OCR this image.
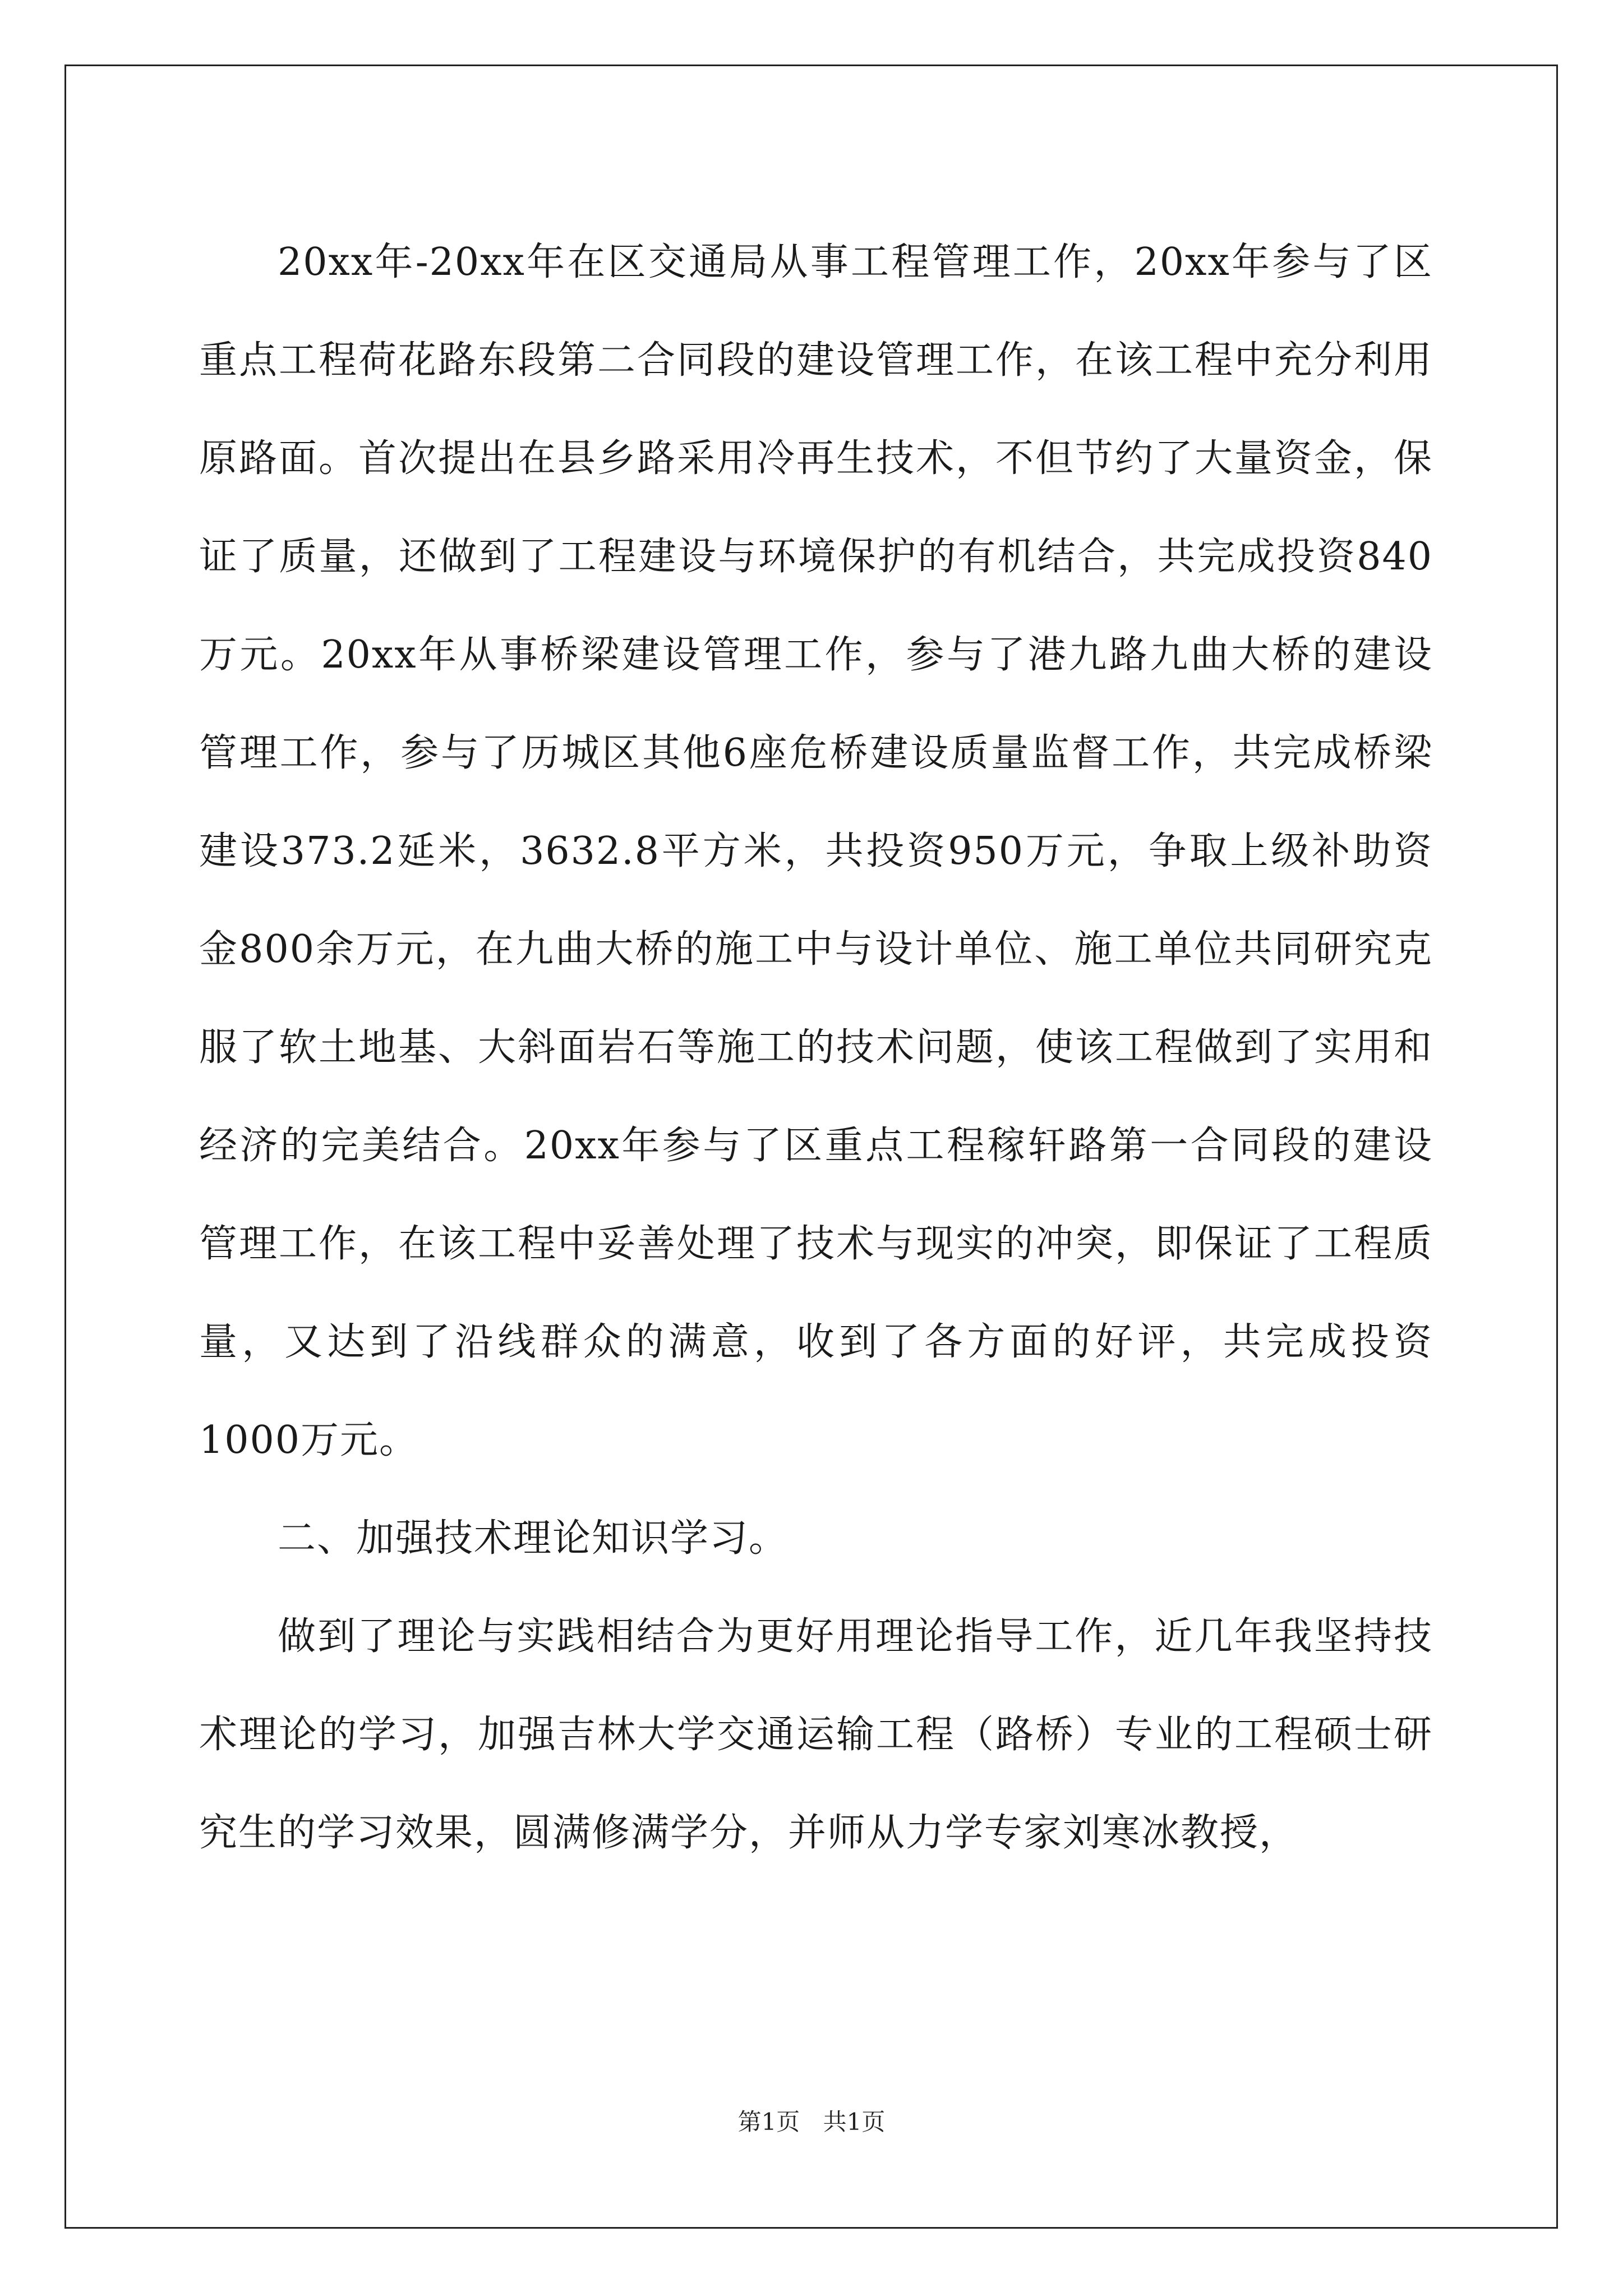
20xx年-20xx年在区交通局从事工程管理工作，20xx年参与了区重点工程荷花路东段第二合同段的建设管理工作，在该工程中充分利用原路面。首次提出在县乡路采用冷再生技术，不但节约了大量资金，保证了质量，还做到了工程建设与环境保护的有机结合，共完成投资840万元。20xx年从事桥梁建设管理工作，参与了港九路九曲大桥的建设管理工作，参与了历城区其他6座危桥建设质量监督工作，共完成桥梁建设373.2延米，3632.8平方米，共投资950万元，争取上级补助资金800余万元，在九曲大桥的施工中与设计单位、施工单位共同研究克服了软土地基、大斜面岩石等施工的技术问题，使该工程做到了实用和经济的完美结合。20xx年参与了区重点工程稼轩路第一合同段的建设管理工作，在该工程中妥善处理了技术与现实的冲突，即保证了工程质量，又达到了沿线群众的满意，收到了各方面的好评，共完成投资1000万元。

二、加强技术理论知识学习。

做到了理论与实践相结合为更好用理论指导工作，近几年我坚持技术理论的学习，加强吉林大学交通运输工程（路桥）专业的工程硕士研究生的学习效果，圆满修满学分，并师从力学专家刘寒冰教授，

第1页 共1页
